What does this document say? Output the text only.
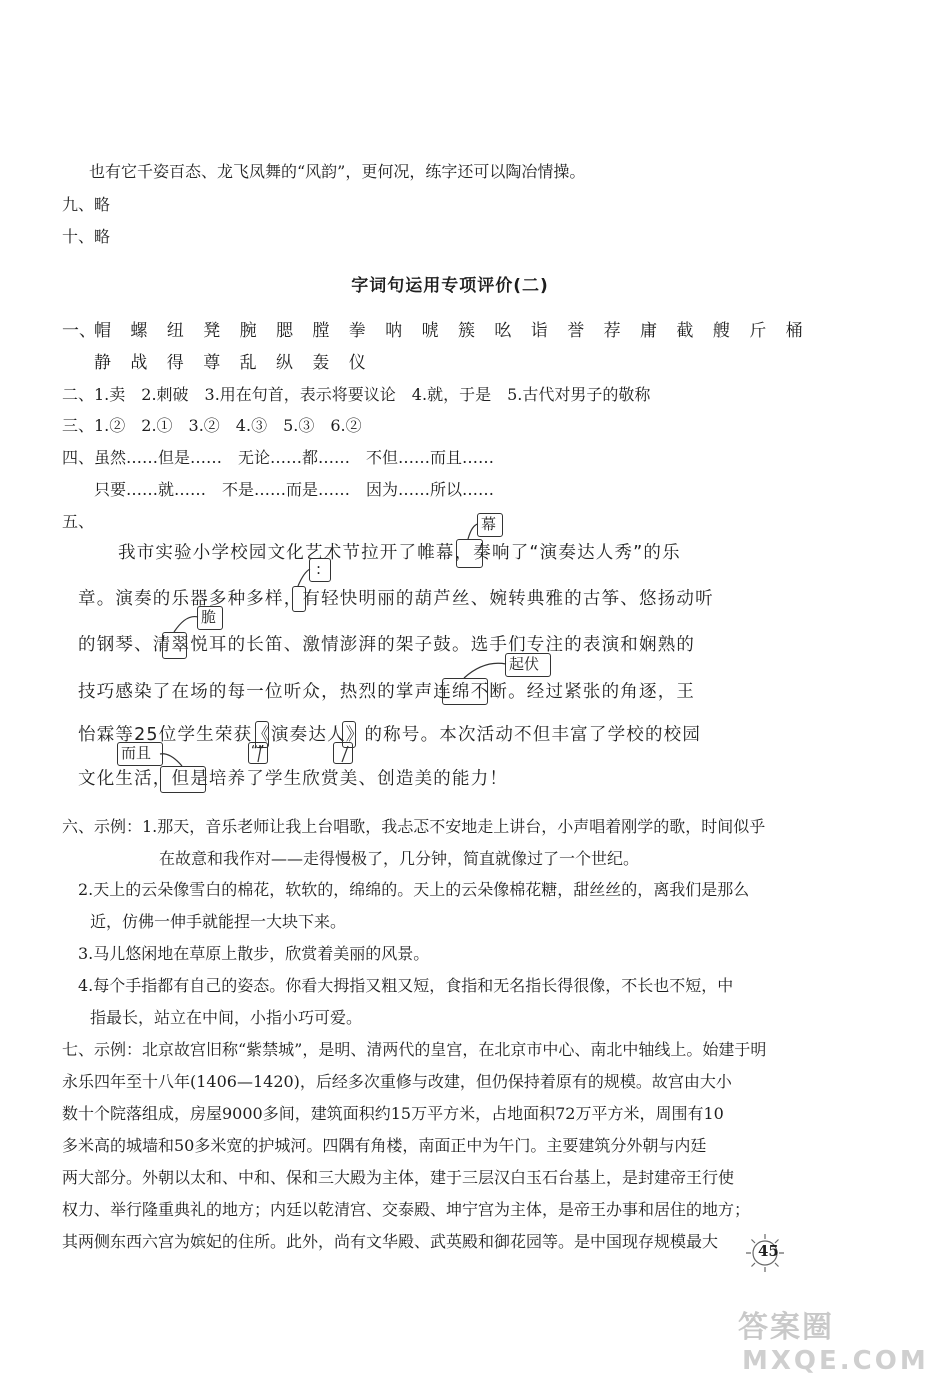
也有它千姿百态、龙飞凤舞的“风韵”，更何况，练字还可以陶冶情操。
九、略
十、略
字词句运用专项评价(二)
一、
帽 螺 纽 凳 腕 腮 膛 拳 呐 唬 簇 吆 诣 誉 荐 庸 截 艘 斤 桶
静 战 得 尊 乱 纵 轰 仪
二、1.卖　2.刺破　3.用在句首，表示将要议论　4.就，于是　5.古代对男子的敬称
三、1.②　2.①　3.②　4.③　5.③　6.②
四、虽然……但是……　无论……都……　不但……而且……
只要……就……　不是……而是……　因为……所以……
五、
我市实验小学校园文化艺术节拉开了帷幕，奏响了“演奏达人秀”的乐
章。演奏的乐器多种多样，有轻快明丽的葫芦丝、婉转典雅的古筝、悠扬动听
的钢琴、清翠悦耳的长笛、激情澎湃的架子鼓。选手们专注的表演和娴熟的
技巧感染了在场的每一位听众，热烈的掌声连绵不断。经过紧张的角逐，王
怡霖等25位学生荣获《演奏达人》的称号。本次活动不但丰富了学校的校园
文化生活，但是培养了学生欣赏美、创造美的能力！
幕
:
脆
起伏
而且	“”
六、示例：1.那天，音乐老师让我上台唱歌，我忐忑不安地走上讲台，小声唱着刚学的歌，时间似乎
在故意和我作对——走得慢极了，几分钟，简直就像过了一个世纪。
2.天上的云朵像雪白的棉花，软软的，绵绵的。天上的云朵像棉花糖，甜丝丝的，离我们是那么
近，仿佛一伸手就能捏一大块下来。
3.马儿悠闲地在草原上散步，欣赏着美丽的风景。
4.每个手指都有自己的姿态。你看大拇指又粗又短，食指和无名指长得很像，不长也不短，中
指最长，站立在中间，小指小巧可爱。
七、示例：北京故宫旧称“紫禁城”，是明、清两代的皇宫，在北京市中心、南北中轴线上。始建于明
永乐四年至十八年(1406—1420)，后经多次重修与改建，但仍保持着原有的规模。故宫由大小
数十个院落组成，房屋9000多间，建筑面积约15万平方米，占地面积72万平方米，周围有10
多米高的城墙和50多米宽的护城河。四隅有角楼，南面正中为午门。主要建筑分外朝与内廷
两大部分。外朝以太和、中和、保和三大殿为主体，建于三层汉白玉石台基上，是封建帝王行使
权力、举行隆重典礼的地方；内廷以乾清宫、交泰殿、坤宁宫为主体，是帝王办事和居住的地方；
其两侧东西六宫为嫔妃的住所。此外，尚有文华殿、武英殿和御花园等。是中国现存规模最大	45
答案圈
MXQE.COM
